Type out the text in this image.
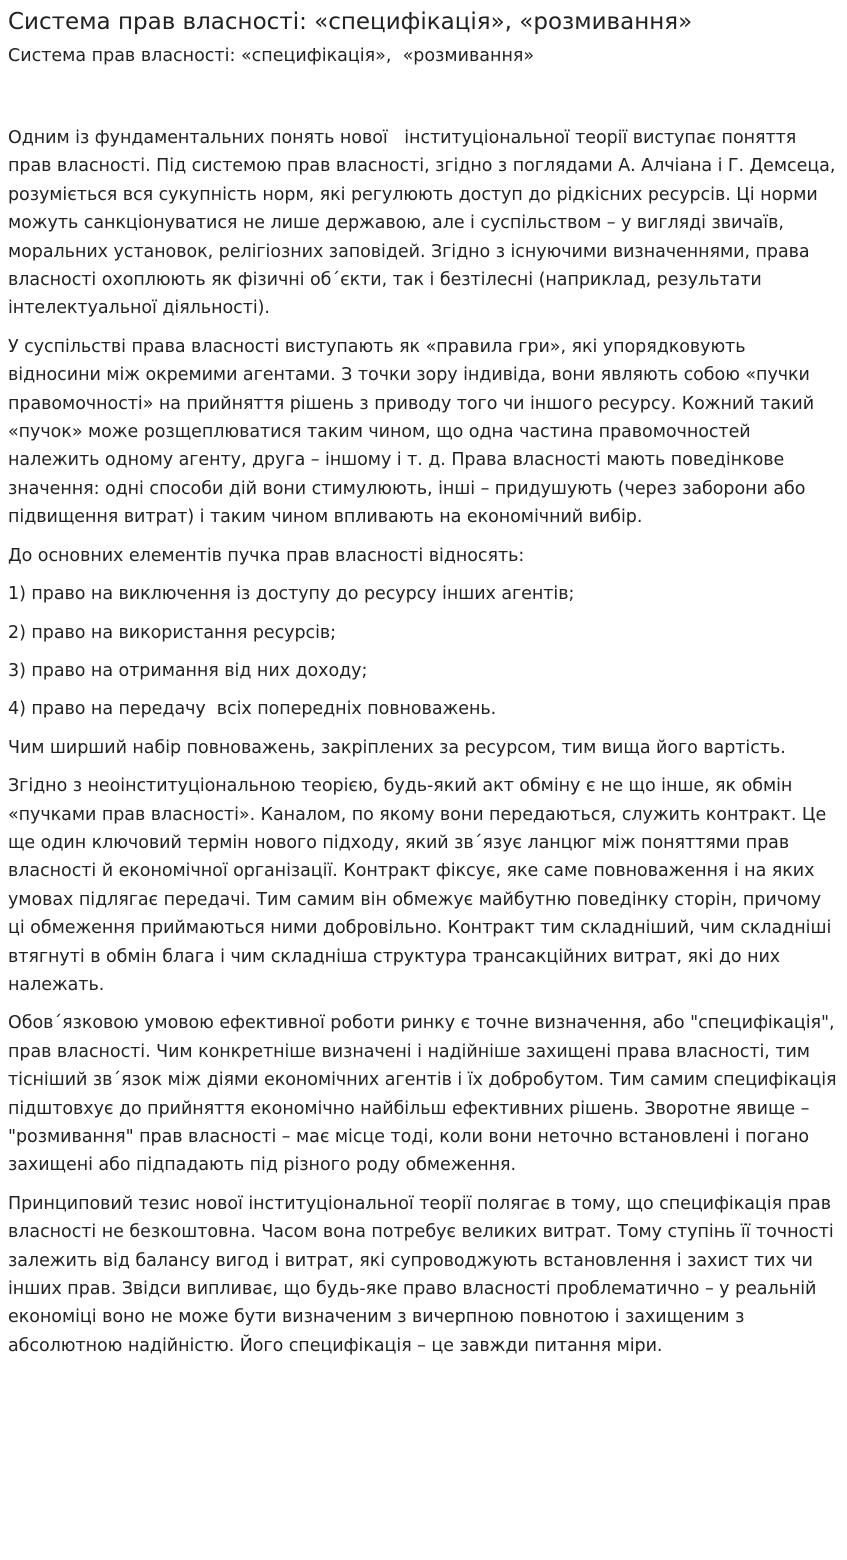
Система прав власності: «специфікація», «розмивання»
Система прав власності: «специфікація»,  «розмивання»

Одним із фундаментальних понять нової   інституціональної теорії виступає поняття прав власності. Під системою прав власності, згідно з поглядами А. Алчіана і Г. Демсеца, розуміється вся сукупність норм, які регулюють доступ до рідкісних ресурсів. Ці норми можуть санкціонуватися не лише державою, але і суспільством – у вигляді звичаїв, моральних установок, релігіозних заповідей. Згідно з існуючими визначеннями, права власності охоплюють як фізичні об΄єкти, так і безтілесні (наприклад, результати інтелектуальної діяльності).

У суспільстві права власності виступають як «правила гри», які упорядковують відносини між окремими агентами. З точки зору індивіда, вони являють собою «пучки правомочності» на прийняття рішень з приводу того чи іншого ресурсу. Кожний такий «пучок» може розщеплюватися таким чином, що одна частина правомочностей належить одному агенту, друга – іншому і т. д. Права власності мають поведінкове значення: одні способи дій вони стимулюють, інші – придушують (через заборони або підвищення витрат) і таким чином впливають на економічний вибір.

До основних елементів пучка прав власності відносять:

1) право на виключення із доступу до ресурсу інших агентів;

2) право на використання ресурсів;

3) право на отримання від них доходу;

4) право на передачу  всіх попередніх повноважень.

Чим ширший набір повноважень, закріплених за ресурсом, тим вища його вартість.

Згідно з неоінституціональною теорією, будь-який акт обміну є не що інше, як обмін «пучками прав власності». Каналом, по якому вони передаються, служить контракт. Це ще один ключовий термін нового підходу, який зв΄язує ланцюг між поняттями прав власності й економічної організації. Контракт фіксує, яке саме повноваження і на яких умовах підлягає передачі. Тим самим він обмежує майбутню поведінку сторін, причому ці обмеження приймаються ними добровільно. Контракт тим складніший, чим складніші втягнуті в обмін блага і чим складніша структура трансакційних витрат, які до них належать.

Обов΄язковою умовою ефективної роботи ринку є точне визначення, або "специфікація", прав власності. Чим конкретніше визначені і надійніше захищені права власності, тим тісніший зв΄язок між діями економічних агентів і їх добробутом. Тим самим специфікація підштовхує до прийняття економічно найбільш ефективних рішень. Зворотне явище – "розмивання" прав власності – має місце тоді, коли вони неточно встановлені і погано захищені або підпадають під різного роду обмеження.

Принциповий тезис нової інституціональної теорії полягає в тому, що специфікація прав власності не безкоштовна. Часом вона потребує великих витрат. Тому ступінь її точності залежить від балансу вигод і витрат, які супроводжують встановлення і захист тих чи інших прав. Звідси випливає, що будь-яке право власності проблематично – у реальній економіці воно не може бути визначеним з вичерпною повнотою і захищеним з абсолютною надійністю. Його специфікація – це завжди питання міри.
